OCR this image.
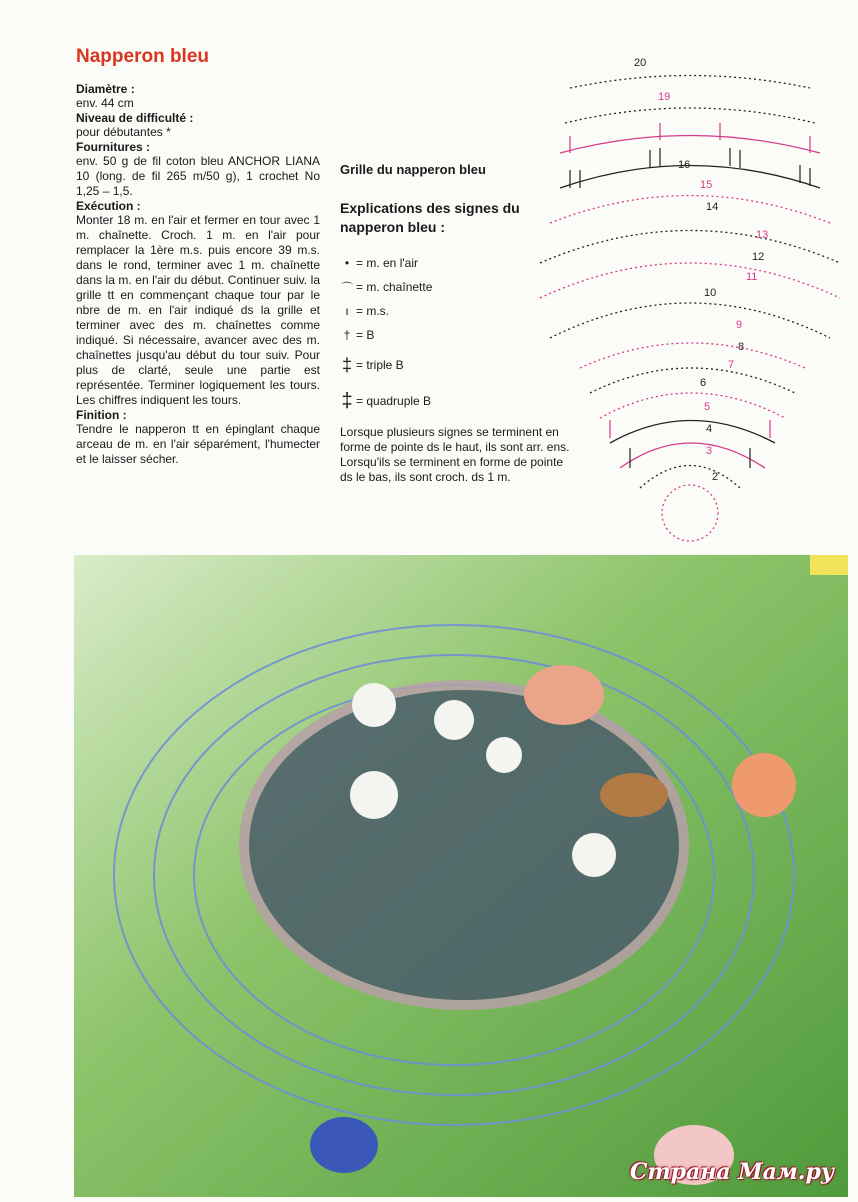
Napperon bleu
Diamètre :
env. 44 cm
Niveau de difficulté :
pour débutantes *
Fournitures :
env. 50 g de fil coton bleu ANCHOR LIANA 10 (long. de fil 265 m/50 g), 1 crochet No 1,25 – 1,5.
Exécution :
Monter 18 m. en l'air et fermer en tour avec 1 m. chaînette. Croch. 1 m. en l'air pour remplacer la 1ère m.s. puis encore 39 m.s. dans le rond, terminer avec 1 m. chaînette dans la m. en l'air du début. Continuer suiv. la grille tt en commençant chaque tour par le nbre de m. en l'air indiqué ds la grille et terminer avec des m. chaînettes comme indiqué. Si nécessaire, avancer avec des m. chaînettes jusqu'au début du tour suiv. Pour plus de clarté, seule une partie est représentée. Terminer logiquement les tours. Les chiffres indiquent les tours.
Finition :
Tendre le napperon tt en épinglant chaque arceau de m. en l'air séparément, l'humecter et le laisser sécher.
Grille du napperon bleu
Explications des signes du napperon bleu :
• = m. en l'air
⌒ = m. chaînette
ı = m.s.
† = B
‡ = triple B
‡ = quadruple B
Lorsque plusieurs signes se terminent en forme de pointe ds le haut, ils sont arr. ens. Lorsqu'ils se terminent en forme de pointe ds le bas, ils sont croch. ds 1 m.
20
19
16
15
14
13
12
11
10
9
8
7
6
5
4
3
2
Страна Мам.ру
